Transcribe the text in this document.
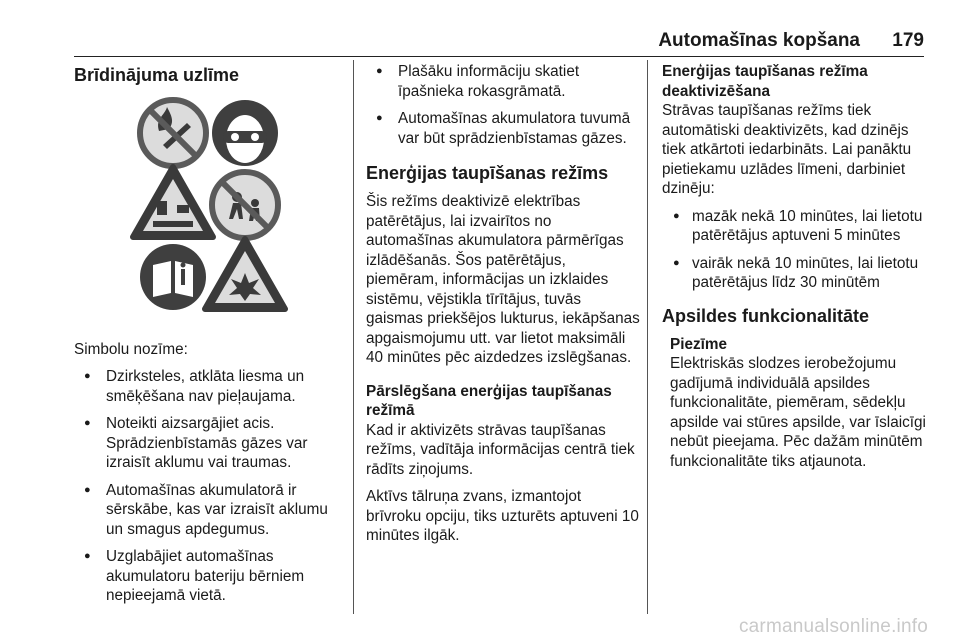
Automašīnas kopšana 179
Brīdinājuma uzlīme

Simbolu nozīme:

● Dzirksteles, atklāta liesma un smēķēšana nav pieļaujama.
● Noteikti aizsargājiet acis. Sprādzienbīstamās gāzes var izraisīt aklumu vai traumas.
● Automašīnas akumulatorā ir sērskābe, kas var izraisīt aklumu un smagus apdegumus.
● Uzglabājiet automašīnas akumulatoru bateriju bērniem nepieejamā vietā.
● Plašāku informāciju skatiet īpašnieka rokasgrāmatā.
● Automašīnas akumulatora tuvumā var būt sprādzienbīstamas gāzes.
Enerģijas taupīšanas režīms

Šis režīms deaktivizē elektrības patērētājus, lai izvairītos no automašīnas akumulatora pārmērīgas izlādēšanās. Šos patērētājus, piemēram, informācijas un izklaides sistēmu, vējstikla tīrītājus, tuvās gaismas priekšējos lukturus, iekāpšanas apgaismojumu utt. var lietot maksimāli 40 minūtes pēc aizdedzes izslēgšanas.

Pārslēgšana enerģijas taupīšanas režīmā

Kad ir aktivizēts strāvas taupīšanas režīms, vadītāja informācijas centrā tiek rādīts ziņojums.

Aktīvs tālruņa zvans, izmantojot brīvroku opciju, tiks uzturēts aptuveni 10 minūtes ilgāk.

Enerģijas taupīšanas režīma deaktivizēšana

Strāvas taupīšanas režīms tiek automātiski deaktivizēts, kad dzinējs tiek atkārtoti iedarbināts. Lai panāktu pietiekamu uzlādes līmeni, darbiniet dzinēju:

● mazāk nekā 10 minūtes, lai lietotu patērētājus aptuveni 5 minūtes
● vairāk nekā 10 minūtes, lai lietotu patērētājus līdz 30 minūtēm
Apsildes funkcionalitāte
Piezīme

Elektriskās slodzes ierobežojumu gadījumā individuālā apsildes funkcionalitāte, piemēram, sēdekļu apsilde vai stūres apsilde, var īslaicīgi nebūt pieejama. Pēc dažām minūtēm funkcionalitāte tiks atjaunota.

carmanualsonline.info
